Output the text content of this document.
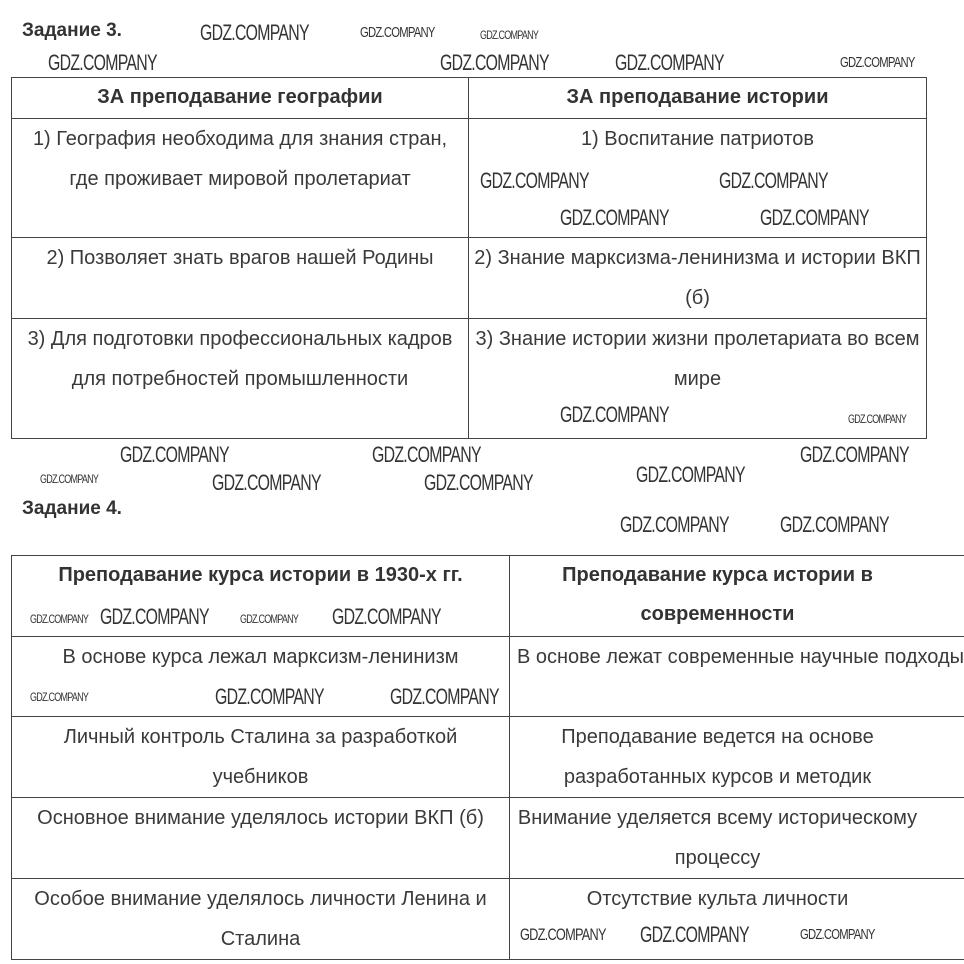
Задание 3.
ЗА преподавание географии	ЗА преподавание истории
1) География необходима для знания стран, где проживает мировой пролетариат	1) Воспитание патриотов
2) Позволяет знать врагов нашей Родины	2) Знание марксизма-ленинизма и истории ВКП (б)
3) Для подготовки профессиональных кадров для потребностей промышленности	3) Знание истории жизни пролетариата во всем мире
Задание 4.
Преподавание курса истории в 1930-х гг.	Преподавание курса истории в современности
В основе курса лежал марксизм-ленинизм	В основе лежат современные научные подходы
Личный контроль Сталина за разработкой учебников	Преподавание ведется на основе разработанных курсов и методик
Основное внимание уделялось истории ВКП (б)	Внимание уделяется всему историческому процессу
Особое внимание уделялось личности Ленина и Сталина	Отсутствие культа личности
GDZ.COMPANY	GDZ.COMPANY	GDZ.COMPANY
GDZ.COMPANY	GDZ.COMPANY	GDZ.COMPANY	GDZ.COMPANY
GDZ.COMPANY	GDZ.COMPANY
GDZ.COMPANY	GDZ.COMPANY
GDZ.COMPANY	GDZ.COMPANY
GDZ.COMPANY	GDZ.COMPANY	GDZ.COMPANY
GDZ.COMPANY	GDZ.COMPANY	GDZ.COMPANY	GDZ.COMPANY
GDZ.COMPANY GDZ.COMPANY
GDZ.COMPANY GDZ.COMPANY	GDZ.COMPANY GDZ.COMPANY
GDZ.COMPANY	GDZ.COMPANY	GDZ.COMPANY
GDZ.COMPANY GDZ.COMPANY	GDZ.COMPANY
